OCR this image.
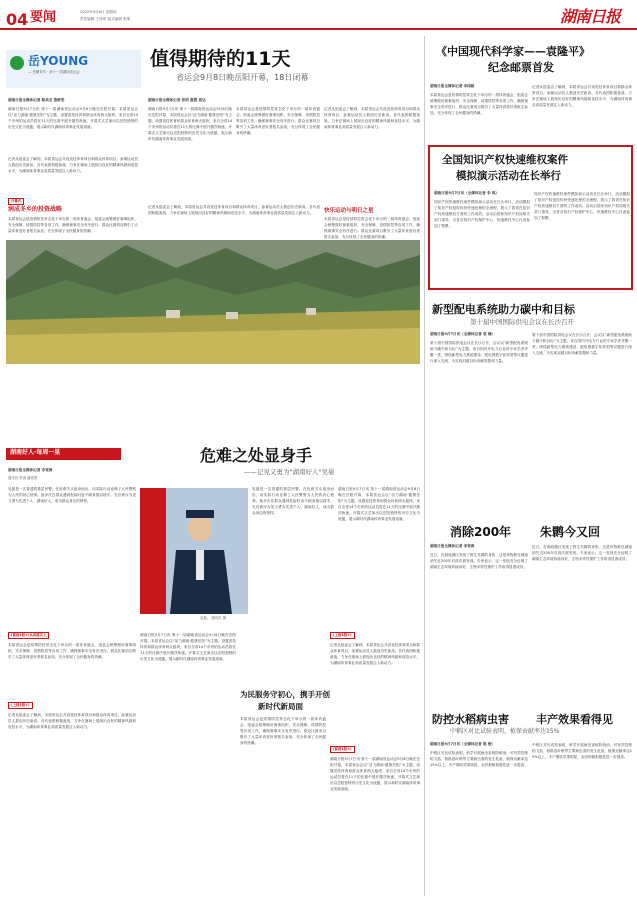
04 要闻	2022年9月8日 星期四
责任编辑 王徐昂 版式编辑 张维	湖南日报
岳YOUNG
— 岳麓青年 · 第十一届湖南省运会
湖南日报全媒体记者 陈昌龙 鲁畔雯
湖南日报9月7日讯 第十一届湖南省运动会9月8日晚在岳阳开幕，本届省运会以“活力湖南·健康岳阳”为主题，设置竞技体育和群众体育两大板块，来自全省14个市州的运动员将在11天的比赛中展开激烈角逐。开幕式文艺演出以岳阳独特的历史文化为底蕴，展示新时代湖南体育事业发展成就。
记者从组委会了解到，本届省运会共设竞技体育项目和群众体育项目，参赛运动员人数创历史新高。各代表团积极备战，力争在赛场上展现出良好的精神风貌和竞技水平，为湖南体育事业高质量发展注入新动力。
开幕式
润成冬乡的投资战略
本届省运会是疫情防控常态化下举办的一届体育盛会，组委会统筹做好赛事组织、安全保障、疫情防控等各项工作，确保赛事安全有序进行。群众比赛项目吸引了大量体育爱好者报名参加，充分体现了全民健身的热潮。
值得期待的11天
省运会9月8日晚岳阳开幕，18日闭幕
湖南日报全媒体记者 张明 谢慧 周达
湖南日报9月7日讯 第十一届湖南省运动会9月8日晚在岳阳开幕，本届省运会以“活力湖南·健康岳阳”为主题，设置竞技体育和群众体育两大板块，来自全省14个市州的运动员将在11天的比赛中展开激烈角逐。开幕式文艺演出以岳阳独特的历史文化为底蕴，展示新时代湖南体育事业发展成就。
本届省运会是疫情防控常态化下举办的一届体育盛会，组委会统筹做好赛事组织、安全保障、疫情防控等各项工作，确保赛事安全有序进行。群众比赛项目吸引了大量体育爱好者报名参加，充分体现了全民健身的热潮。
快乐运动与明日之星
记者从组委会了解到，本届省运会共设竞技体育项目和群众体育项目，参赛运动员人数创历史新高。各代表团积极备战，力争在赛场上展现出良好的精神风貌和竞技水平，为湖南体育事业高质量发展注入新动力。
本届省运会是疫情防控常态化下举办的一届体育盛会，组委会统筹做好赛事组织、安全保障、疫情防控等各项工作，确保赛事安全有序进行。群众比赛项目吸引了大量体育爱好者报名参加，充分体现了全民健身的热潮。
记者从组委会了解到，本届省运会共设竞技体育项目和群众体育项目，参赛运动员人数创历史新高。各代表团积极备战，力争在赛场上展现出良好的精神风貌和竞技水平，为湖南体育事业高质量发展注入新动力。
湖南好人·每周一星	危难之处显身手
——记见义勇为"湖南好人"吴晏
湖南日报全媒体记者 李宽海
通讯员 张涛 潘渠蔡
吴晏是一名普通的基层民警，在危难关头挺身而出，用实际行动诠释了人民警察为人民的初心使命。他多次在群众遇到危险时奋不顾身施以援手，先后被评为见义勇为先进个人、湖南好人，成为群众身边的榜样。
吴晏。 通讯员 摄
吴晏是一名普通的基层民警，在危难关头挺身而出，用实际行动诠释了人民警察为人民的初心使命。他多次在群众遇到危险时奋不顾身施以援手，先后被评为见义勇为先进个人、湖南好人，成为群众身边的榜样。
湖南日报9月7日讯 第十一届湖南省运动会9月8日晚在岳阳开幕，本届省运会以“活力湖南·健康岳阳”为主题，设置竞技体育和群众体育两大板块，来自全省14个市州的运动员将在11天的比赛中展开激烈角逐。开幕式文艺演出以岳阳独特的历史文化为底蕴，展示新时代湖南体育事业发展成就。
(紧接1版②)认真落实上
本届省运会是疫情防控常态化下举办的一届体育盛会，组委会统筹做好赛事组织、安全保障、疫情防控等各项工作，确保赛事安全有序进行。群众比赛项目吸引了大量体育爱好者报名参加，充分体现了全民健身的热潮。
(上接1版①)
记者从组委会了解到，本届省运会共设竞技体育项目和群众体育项目，参赛运动员人数创历史新高。各代表团积极备战，力争在赛场上展现出良好的精神风貌和竞技水平，为湖南体育事业高质量发展注入新动力。
湖南日报9月7日讯 第十一届湖南省运动会9月8日晚在岳阳开幕，本届省运会以“活力湖南·健康岳阳”为主题，设置竞技体育和群众体育两大板块，来自全省14个市州的运动员将在11天的比赛中展开激烈角逐。开幕式文艺演出以岳阳独特的历史文化为底蕴，展示新时代湖南体育事业发展成就。
为民服务守初心，携手开创
新时代新局面
本届省运会是疫情防控常态化下举办的一届体育盛会，组委会统筹做好赛事组织、安全保障、疫情防控等各项工作，确保赛事安全有序进行。群众比赛项目吸引了大量体育爱好者报名参加，充分体现了全民健身的热潮。
(上接1版②)
记者从组委会了解到，本届省运会共设竞技体育项目和群众体育项目，参赛运动员人数创历史新高。各代表团积极备战，力争在赛场上展现出良好的精神风貌和竞技水平，为湖南体育事业高质量发展注入新动力。
(紧接1版③)
湖南日报9月7日讯 第十一届湖南省运动会9月8日晚在岳阳开幕，本届省运会以“活力湖南·健康岳阳”为主题，设置竞技体育和群众体育两大板块，来自全省14个市州的运动员将在11天的比赛中展开激烈角逐。开幕式文艺演出以岳阳独特的历史文化为底蕴，展示新时代湖南体育事业发展成就。
《中国现代科学家——袁隆平》
纪念邮票首发
湖南日报全媒体记者 李国斌
本届省运会是疫情防控常态化下举办的一届体育盛会，组委会统筹做好赛事组织、安全保障、疫情防控等各项工作，确保赛事安全有序进行。群众比赛项目吸引了大量体育爱好者报名参加，充分体现了全民健身的热潮。
记者从组委会了解到，本届省运会共设竞技体育项目和群众体育项目，参赛运动员人数创历史新高。各代表团积极备战，力争在赛场上展现出良好的精神风貌和竞技水平，为湖南体育事业高质量发展注入新动力。
全国知识产权快速维权案件
模拟演示活动在长举行
湖南日报9月7日讯（全媒体记者 李 琪）
知识产权快速维权案件模拟演示活动在长沙举行，活动模拟了知识产权侵权纠纷快速处理的全流程，展示了我省在知识产权快速维权方面的工作成效。活动由国家知识产权局相关部门指导，全省各知识产权保护中心、快速维权中心代表参加了观摩。
知识产权快速维权案件模拟演示活动在长沙举行，活动模拟了知识产权侵权纠纷快速处理的全流程，展示了我省在知识产权快速维权方面的工作成效。活动由国家知识产权局相关部门指导，全省各知识产权保护中心、快速维权中心代表参加了观摩。
新型配电系统助力碳中和目标
第十届中国国际供电会议在长沙召开
湖南日报9月7日讯（全媒体记者 袁 楠）
第十届中国国际供电会议在长沙召开，会议以“新型配电系统助力碳中和目标”为主题，来自国内外电力行业的专家学者齐聚一堂，围绕新型电力系统建设、配电网数字化转型等议题进行深入交流，为实现双碳目标贡献智慧和力量。
第十届中国国际供电会议在长沙召开，会议以“新型配电系统助力碳中和目标”为主题，来自国内外电力行业的专家学者齐聚一堂，围绕新型电力系统建设、配电网数字化转型等议题进行深入交流，为实现双碳目标贡献智慧和力量。
消除200年 朱鹮今又回
湖南日报全媒体记者 李宽海
近日，在洞庭湖区发现了野生朱鹮的身影，这是该物种在湖南消失近200年后再次被发现。专家表示，这一发现充分证明了湖南生态环境持续向好，生物多样性保护工作取得显著成效。
近日，在洞庭湖区发现了野生朱鹮的身影，这是该物种在湖南消失近200年后再次被发现。专家表示，这一发现充分证明了湖南生态环境持续向好，生物多样性保护工作取得显著成效。
防控水稻病虫害 丰产效果看得见
中稻区对比试验表明，植保贡献率达15%
湖南日报9月7日讯（全媒体记者 陈 俊）
中稻区对比试验表明，科学开展病虫害统防统治，可有效控制稻飞虱、稻纵卷叶螟等主要病虫害的发生危害，植保贡献率达15%以上，丰产增收效果明显，农民种粮积极性进一步提高。
中稻区对比试验表明，科学开展病虫害统防统治，可有效控制稻飞虱、稻纵卷叶螟等主要病虫害的发生危害，植保贡献率达15%以上，丰产增收效果明显，农民种粮积极性进一步提高。
